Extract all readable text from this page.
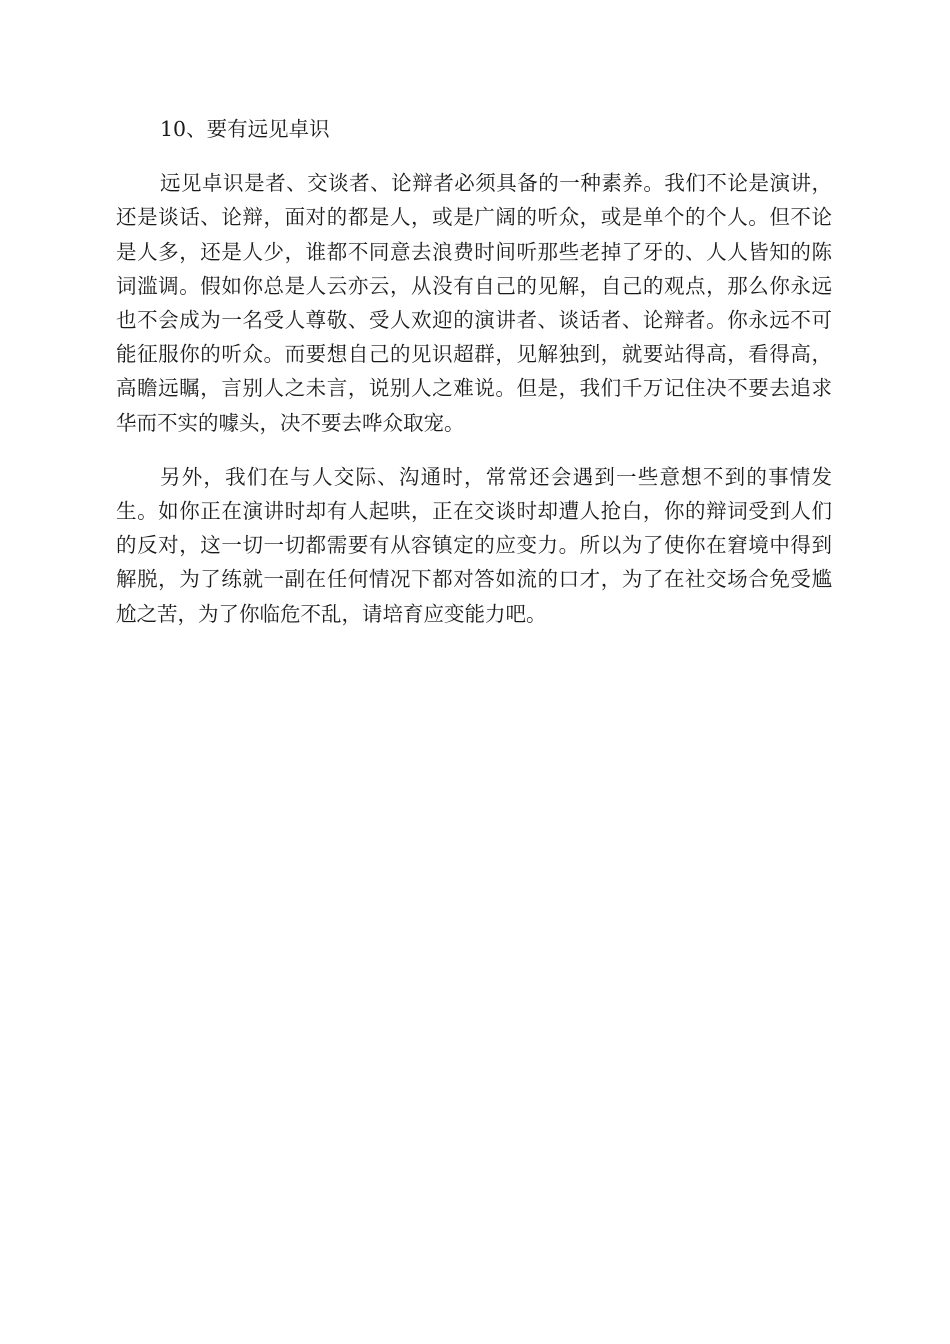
10、要有远见卓识

远见卓识是者、交谈者、论辩者必须具备的一种素养。我们不论是演讲，还是谈话、论辩，面对的都是人，或是广阔的听众，或是单个的个人。但不论是人多，还是人少，谁都不同意去浪费时间听那些老掉了牙的、人人皆知的陈词滥调。假如你总是人云亦云，从没有自己的见解，自己的观点，那么你永远也不会成为一名受人尊敬、受人欢迎的演讲者、谈话者、论辩者。你永远不可能征服你的听众。而要想自己的见识超群，见解独到，就要站得高，看得高，高瞻远瞩，言别人之未言，说别人之难说。但是，我们千万记住决不要去追求华而不实的噱头，决不要去哗众取宠。

另外，我们在与人交际、沟通时，常常还会遇到一些意想不到的事情发生。如你正在演讲时却有人起哄，正在交谈时却遭人抢白，你的辩词受到人们的反对，这一切一切都需要有从容镇定的应变力。所以为了使你在窘境中得到解脱，为了练就一副在任何情况下都对答如流的口才，为了在社交场合免受尴尬之苦，为了你临危不乱，请培育应变能力吧。
